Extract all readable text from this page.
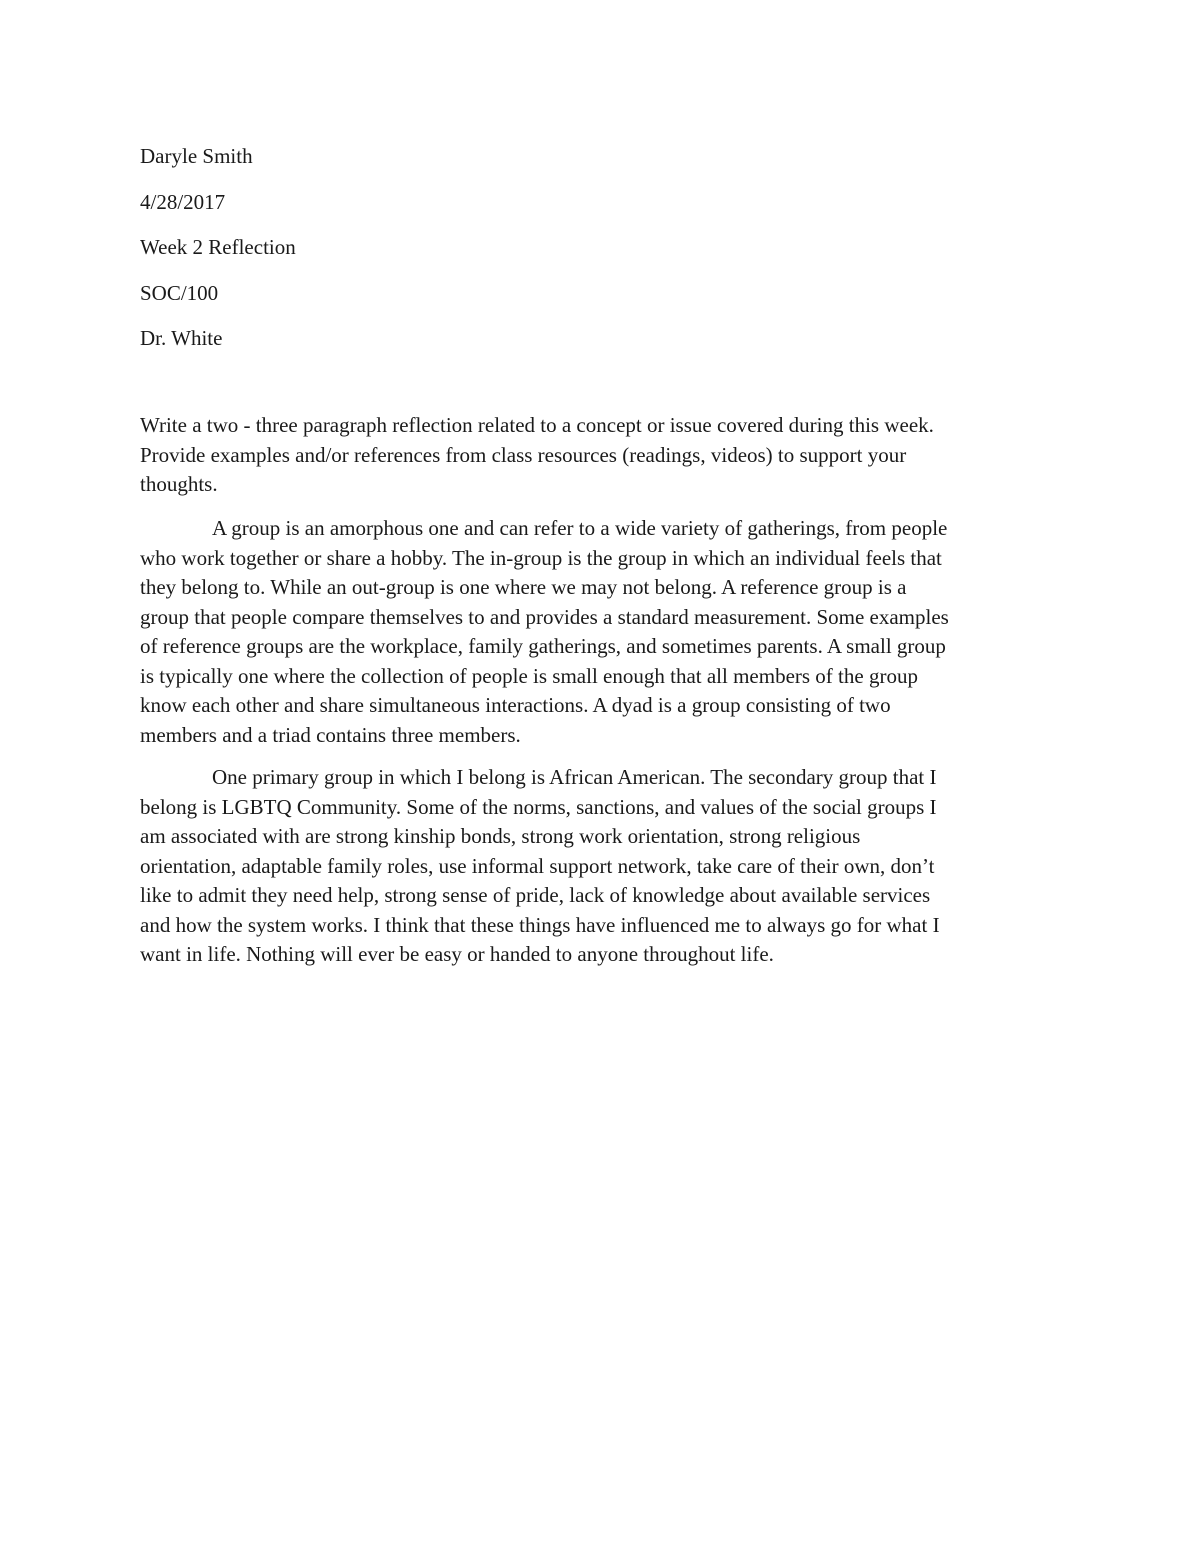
Daryle Smith

4/28/2017

Week 2 Reflection

SOC/100

Dr. White

Write a two - three paragraph reflection related to a concept or issue covered during this week.
Provide examples and/or references from class resources (readings, videos) to support your
thoughts.

A group is an amorphous one and can refer to a wide variety of gatherings, from people
who work together or share a hobby. The in-group is the group in which an individual feels that
they belong to. While an out-group is one where we may not belong. A reference group is a
group that people compare themselves to and provides a standard measurement. Some examples
of reference groups are the workplace, family gatherings, and sometimes parents. A small group
is typically one where the collection of people is small enough that all members of the group
know each other and share simultaneous interactions. A dyad is a group consisting of two
members and a triad contains three members.

One primary group in which I belong is African American. The secondary group that I
belong is LGBTQ Community. Some of the norms, sanctions, and values of the social groups I
am associated with are strong kinship bonds, strong work orientation, strong religious
orientation, adaptable family roles, use informal support network, take care of their own, don’t
like to admit they need help, strong sense of pride, lack of knowledge about available services
and how the system works. I think that these things have influenced me to always go for what I
want in life. Nothing will ever be easy or handed to anyone throughout life.
